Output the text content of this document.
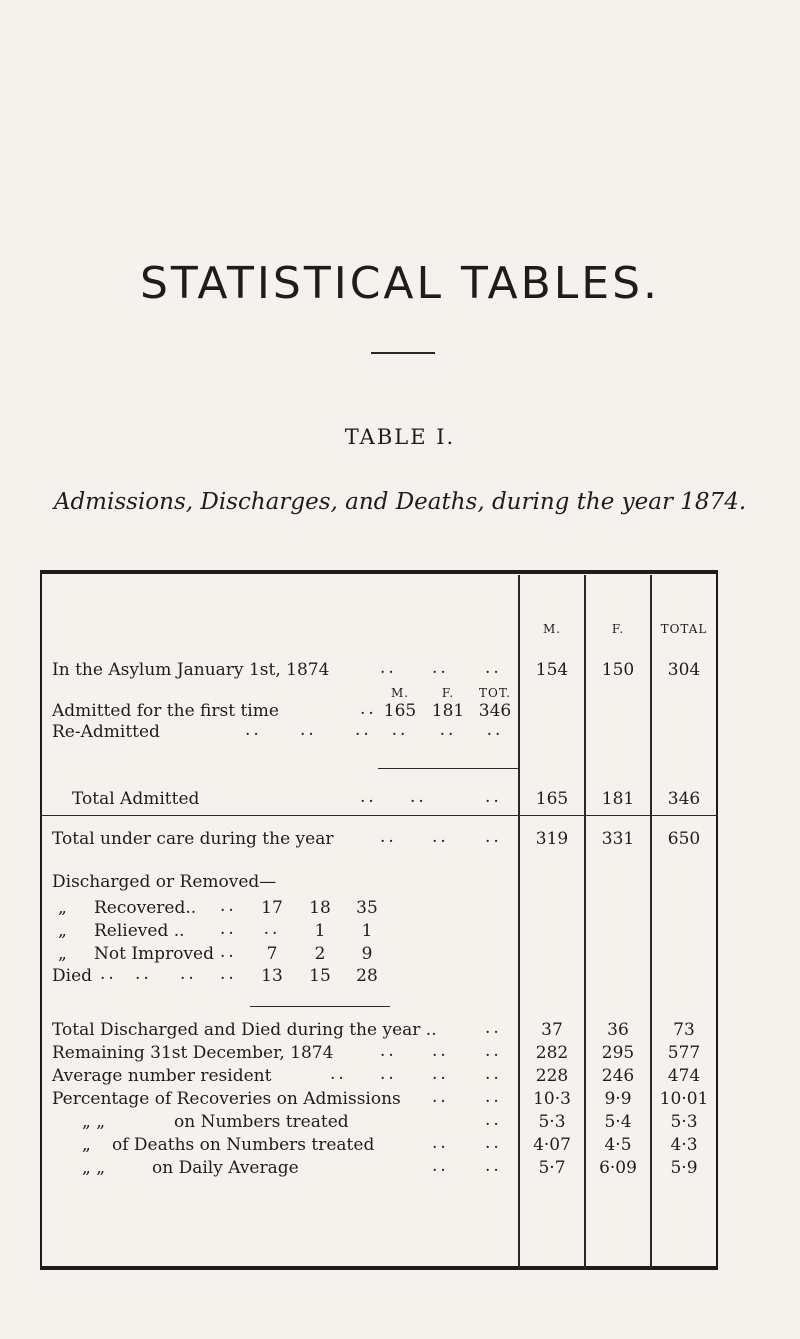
STATISTICAL TABLES.
TABLE I.
Admissions, Discharges, and Deaths, during the year 1874.
M.	F.	TOTAL
In the Asylum January 1st, 1874	.. .. ..	154	150	304
M.	F.	TOT.
Admitted for the first time	.. 165 181 346
Re-Admitted	.. .. ..	..	..	..
Total Admitted	.. ..	..	165	181	346
Total under care during the year	.. .. ..	319	331	650
Discharged or Removed—
„ Recovered.. ..	17	18	35
„ Relieved .. ..	..	1	1
„ Not Improved ..	7	2	9
Died .. .. .. ..	13	15	28
Total Discharged and Died during the year ..	..	37	36	73
Remaining 31st December, 1874	.. .. ..	282	295	577
Average number resident	.. .. .. ..	228	246	474
Percentage of Recoveries on Admissions .. ..	10·3	9·9	10·01
„ „	on Numbers treated	..	5·3	5·4	5·3
„ of Deaths on Numbers treated	.. ..	4·07	4·5	4·3
„ „	on Daily Average	.. ..	5·7	6·09	5·9
